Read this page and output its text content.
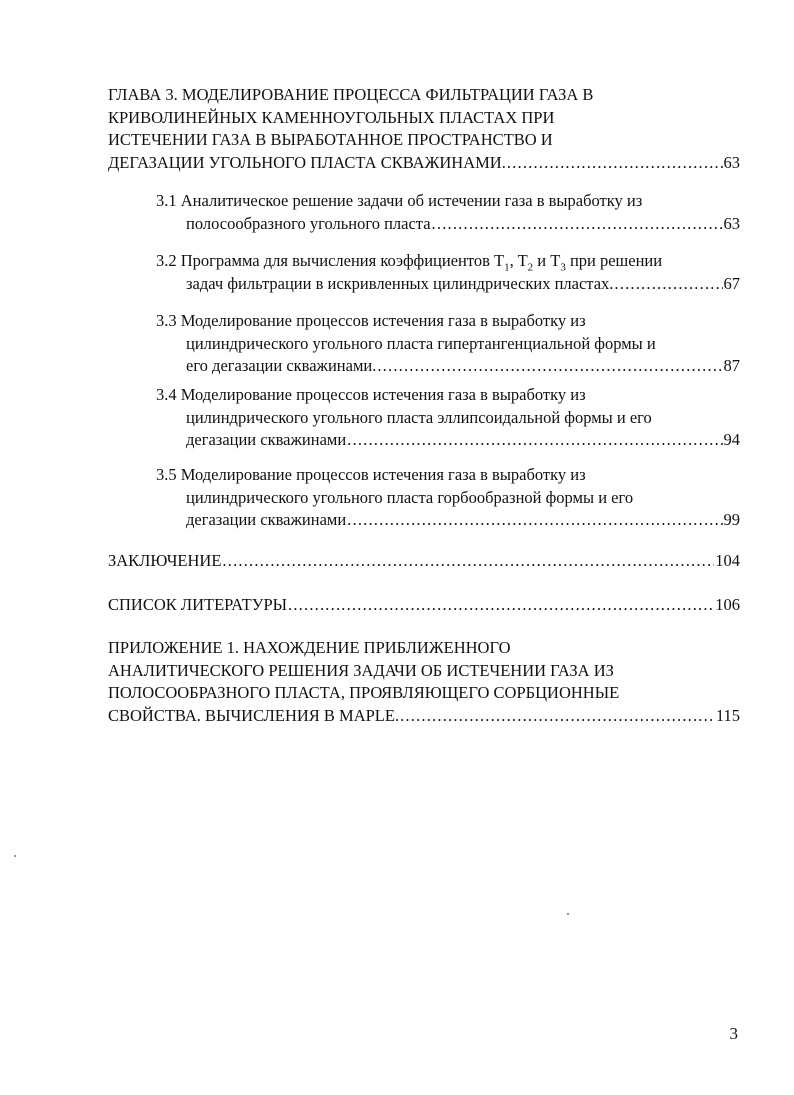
ГЛАВА 3. МОДЕЛИРОВАНИЕ ПРОЦЕССА ФИЛЬТРАЦИИ ГАЗА В
КРИВОЛИНЕЙНЫХ КАМЕННОУГОЛЬНЫХ ПЛАСТАХ ПРИ
ИСТЕЧЕНИИ ГАЗА В ВЫРАБОТАННОЕ ПРОСТРАНСТВО И
ДЕГАЗАЦИИ УГОЛЬНОГО ПЛАСТА СКВАЖИНАМИ. .....	63
3.1 Аналитическое решение задачи об истечении газа в выработку из
полосообразного угольного пласта .....	63
3.2 Программа для вычисления коэффициентов $T_1$, $T_2$ и $T_3$ при решении
задач фильтрации в искривленных цилиндрических пластах. .....	67
3.3 Моделирование процессов истечения газа в выработку из
цилиндрического угольного пласта гипертангенциальной формы и
его дегазации скважинами. .....	87
3.4 Моделирование процессов истечения газа в выработку из
цилиндрического угольного пласта эллипсоидальной формы и его
дегазации скважинами .....	94
3.5 Моделирование процессов истечения газа в выработку из
цилиндрического угольного пласта горбообразной формы и его
дегазации скважинами .....	99
ЗАКЛЮЧЕНИЕ .....	104
СПИСОК ЛИТЕРАТУРЫ .....	106
ПРИЛОЖЕНИЕ 1. НАХОЖДЕНИЕ ПРИБЛИЖЕННОГО
АНАЛИТИЧЕСКОГО РЕШЕНИЯ ЗАДАЧИ ОБ ИСТЕЧЕНИИ ГАЗА ИЗ
ПОЛОСООБРАЗНОГО ПЛАСТА, ПРОЯВЛЯЮЩЕГО СОРБЦИОННЫЕ
СВОЙСТВА. ВЫЧИСЛЕНИЯ В MAPLE. .....	115
3
